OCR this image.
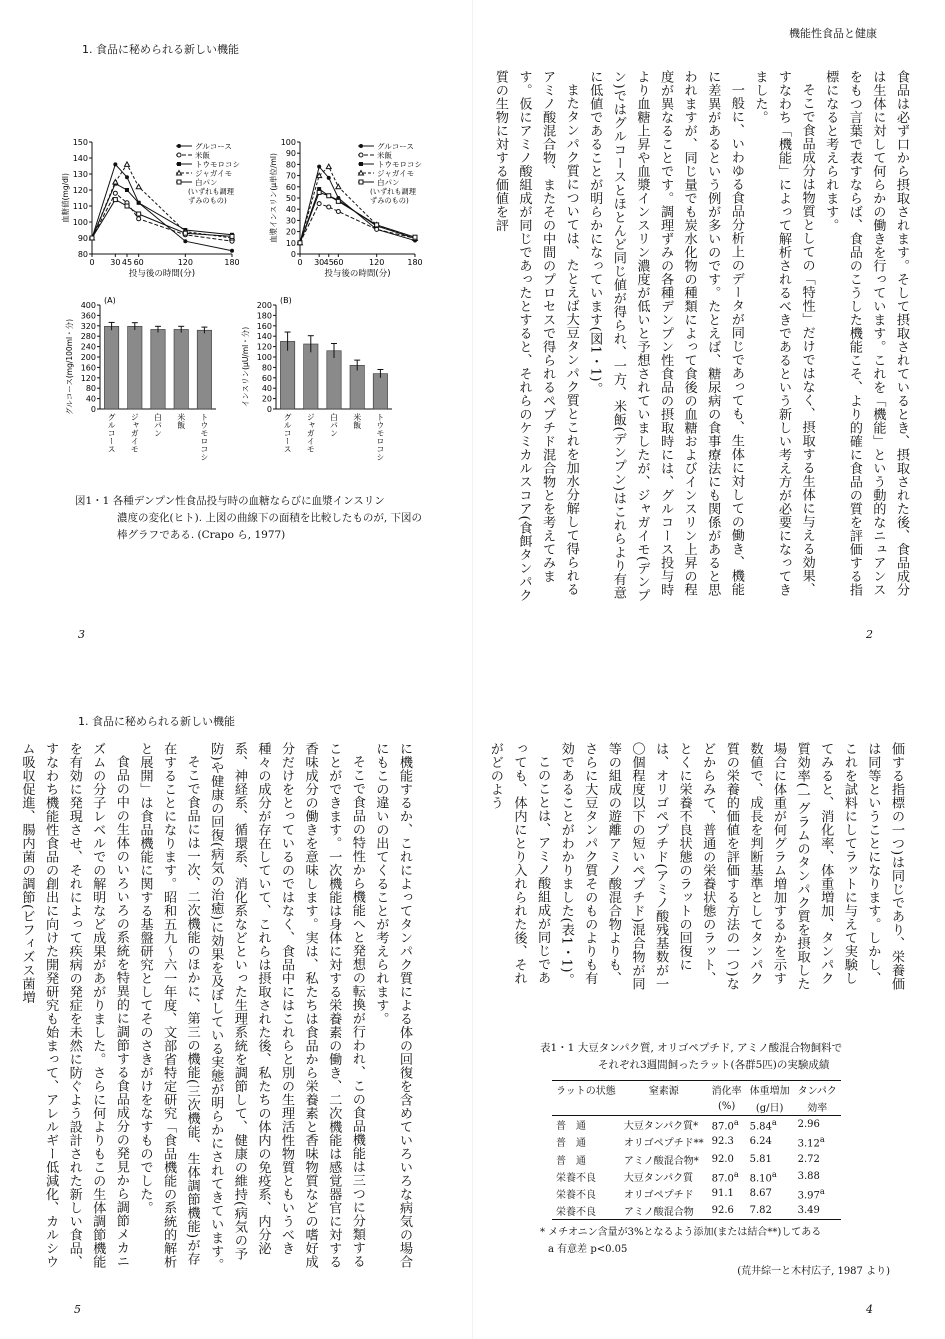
1. 食品に秘められる新しい機能
80
90
100
110
120
130
140
150
0 30 45 60	120	180
投与後の時間(分)
血糖値(mg/dl)
グルコース
米飯
トウモロコシ
ジャガイモ
白パン
(いずれも調理
ずみのもの)
0
10
20
30
40
50
60
70
80
90
100
0 30 45 60	120	180
投与後の時間(分)
血漿インスリン(μ単位/ml)
グルコース
米飯
トウモロコシ
ジャガイモ
白パン
(いずれも調理
ずみのもの)
0
40
80
120
160
200
240
280
320
360
400
(A)
グルコース(mg/100ml・分)
グルコース ジャガイモ 白パン 米飯 トウモロコシ
0
20
40
60
80
100
120
140
160
180
200
(B)
インスリン(μU/ml・分)
グルコース ジャガイモ 白パン 米飯 トウモロコシ
図1・1 各種デンプン性食品投与時の血糖ならびに血漿インスリン
濃度の変化(ヒト). 上図の曲線下の面積を比較したものが, 下図の
棒グラフである. (Crapo ら, 1977)
3
機能性食品と健康

食品は必ず口から摂取されます。そして摂取されているとき、摂取された後、食品成分は生体に対して何らかの働きを行っています。これを「機能」という動的なニュアンスをもつ言葉で表すならば、食品のこうした機能こそ、より的確に食品の質を評価する指標になると考えられます。

そこで食品成分は物質としての「特性」だけではなく、摂取する生体に与える効果、すなわち「機能」によって解析されるべきであるという新しい考え方が必要になってきました。

一般に、いわゆる食品分析上のデータが同じであっても、生体に対しての働き、機能に差異があるという例が多いのです。たとえば、糖尿病の食事療法にも関係があると思われますが、同じ量でも炭水化物の種類によって食後の血糖およびインスリン上昇の程度が異なることです。調理ずみの各種デンプン性食品の摂取時には、グルコース投与時より血糖上昇や血漿インスリン濃度が低いと予想されていましたが、ジャガイモ(デンプン)ではグルコースとほとんど同じ値が得られ、一方、米飯(デンプン)はこれらより有意に低値であることが明らかになっています(図1・1)。

またタンパク質については、たとえば大豆タンパク質とこれを加水分解して得られるアミノ酸混合物、またその中間のプロセスで得られるペプチド混合物とを考えてみます。仮にアミノ酸組成が同じであったとすると、それらのケミカルスコア(食餌タンパク質の生物に対する価値を評

2
1. 食品に秘められる新しい機能

に機能するか、これによってタンパク質による体の回復を含めていろいろな病気の場合にもこの違いの出てくることが考えられます。

そこで食品の特性から機能へと発想の転換が行われ、この食品機能は三つに分類することができます。一次機能は身体に対する栄養素の働き、二次機能は感覚器官に対する香味成分の働きを意味します。実は、私たちは食品から栄養素と香味物質などの嗜好成分だけをとっているのではなく、食品中にはこれらと別の生理活性物質ともいうべき種々の成分が存在していて、これらは摂取された後、私たちの体内の免疫系、内分泌系、神経系、循環系、消化系などといった生理系統を調節して、健康の維持(病気の予防)や健康の回復(病気の治癒)に効果を及ぼしている実態が明らかにされてきています。

そこで食品には一次、二次機能のほかに、第三の機能(三次機能、生体調節機能)が存在することになります。昭和五九〜六一年度、文部省特定研究「食品機能の系統的解析と展開」は食品機能に関する基盤研究としてそのさきがけをなすものでした。

食品の中の生体のいろいろの系統を特異的に調節する食品成分の発見から調節メカニズムの分子レベルでの解明など成果があがりました。さらに何よりもこの生体調節機能を有効に発現させ、それによって疾病の発症を未然に防ぐよう設計された新しい食品、すなわち機能性食品の創出に向けた開発研究も始まって、アレルギー低減化、カルシウム吸収促進、腸内菌の調節(ビフィズス菌増

5

価する指標の一つ)は同じであり、栄養価は同等ということになります。しかし、これを試料にしてラットに与えて実験してみると、消化率、体重増加、タンパク質効率(一グラムのタンパク質を摂取した場合に体重が何グラム増加するかを示す数値で、成長を判断基準としてタンパク質の栄養的価値を評価する方法の一つ)などからみて、普通の栄養状態のラット、とくに栄養不良状態のラットの回復には、オリゴペプチド(アミノ酸残基数が一〇個程度以下の短いペプチド)混合物が同等の組成の遊離アミノ酸混合物よりも、さらに大豆タンパク質そのものよりも有効であることがわかりました(表1・1)。

このことは、アミノ酸組成が同じであっても、体内にとり入れられた後、それがどのよう

表1・1 大豆タンパク質, オリゴペプチド, アミノ酸混合物飼料で
それぞれ3週間飼ったラット(各群5匹)の実験成績
ラットの状態	窒素源	消化率	体重増加	タンパク
		(%)	(g/日)	効率
普　通	大豆タンパク質*	87.0$^a$	5.84$^a$	2.96
普　通	オリゴペプチド**	92.3	6.24	3.12$^a$
普　通	アミノ酸混合物*	92.0	5.81	2.72
栄養不良	大豆タンパク質	87.0$^a$	8.10$^a$	3.88
栄養不良	オリゴペプチド	91.1	8.67	3.97$^a$
栄養不良	アミノ酸混合物	92.6	7.82	3.49
* メチオニン含量が3%となるよう添加(または結合**)してある
a 有意差 p<0.05
(荒井綜一と木村広子, 1987 より)
4
